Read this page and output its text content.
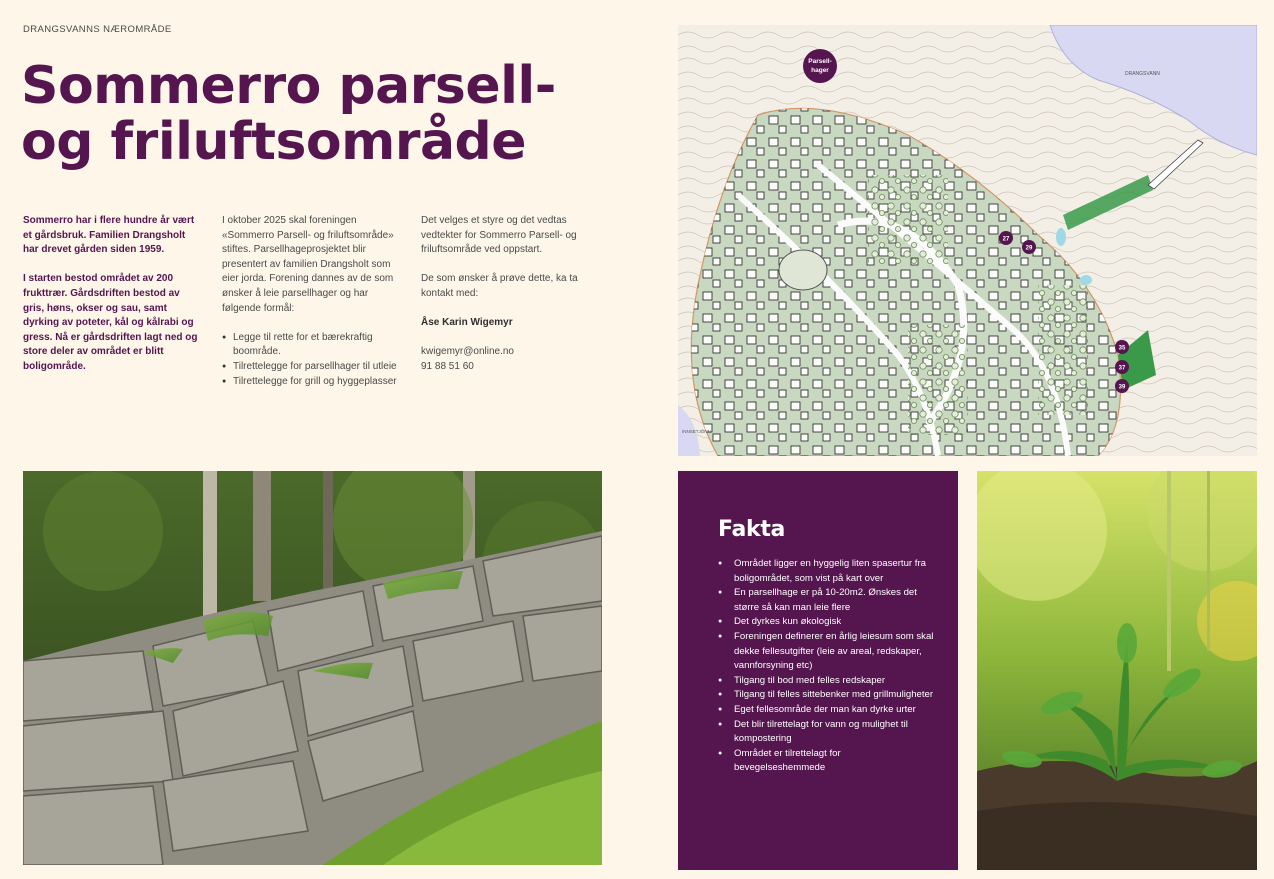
DRANGSVANNS NÆROMRÅDE
Sommerro parsell-
og friluftsområde

Sommerro har i flere hundre år vært et gårdsbruk. Familien Drangsholt har drevet gården siden 1959.

I starten bestod området av 200 frukttrær. Gårdsdriften bestod av gris, høns, okser og sau, samt dyrking av poteter, kål og kålrabi og gress. Nå er gårdsdriften lagt ned og store deler av området er blitt boligområde.

I oktober 2025 skal foreningen «Sommerro Parsell- og friluftsområde» stiftes. Parsellhageprosjektet blir presentert av familien Drangsholt som eier jorda. Forening dannes av de som ønsker å leie parsellhager og har følgende formål:

● Legge til rette for et bærekraftig boområde.
● Tilrettelegge for parsellhager til utleie
● Tilrettelegge for grill og hyggeplasser

Det velges et styre og det vedtas vedtekter for Sommerro Parsell- og friluftsområde ved oppstart.

De som ønsker å prøve dette, ka ta kontakt med:

Åse Karin Wigemyr

kwigemyr@online.no
91 88 51 60
DRANGSVANN
INNSETJÖNN
Parsell-
hager
27
29
35
37
39
Fakta
● Området ligger en hyggelig liten spasertur fra boligområdet, som vist på kart over
● En parsellhage er på 10-20m2. Ønskes det større så kan man leie flere
● Det dyrkes kun økologisk
● Foreningen definerer en årlig leiesum som skal dekke fellesutgifter (leie av areal, redskaper, vannforsyning etc)
● Tilgang til bod med felles redskaper
● Tilgang til felles sittebenker med grillmuligheter
● Eget fellesområde der man kan dyrke urter
● Det blir tilrettelagt for vann og mulighet til kompostering
● Området er tilrettelagt for bevegelseshemmede
